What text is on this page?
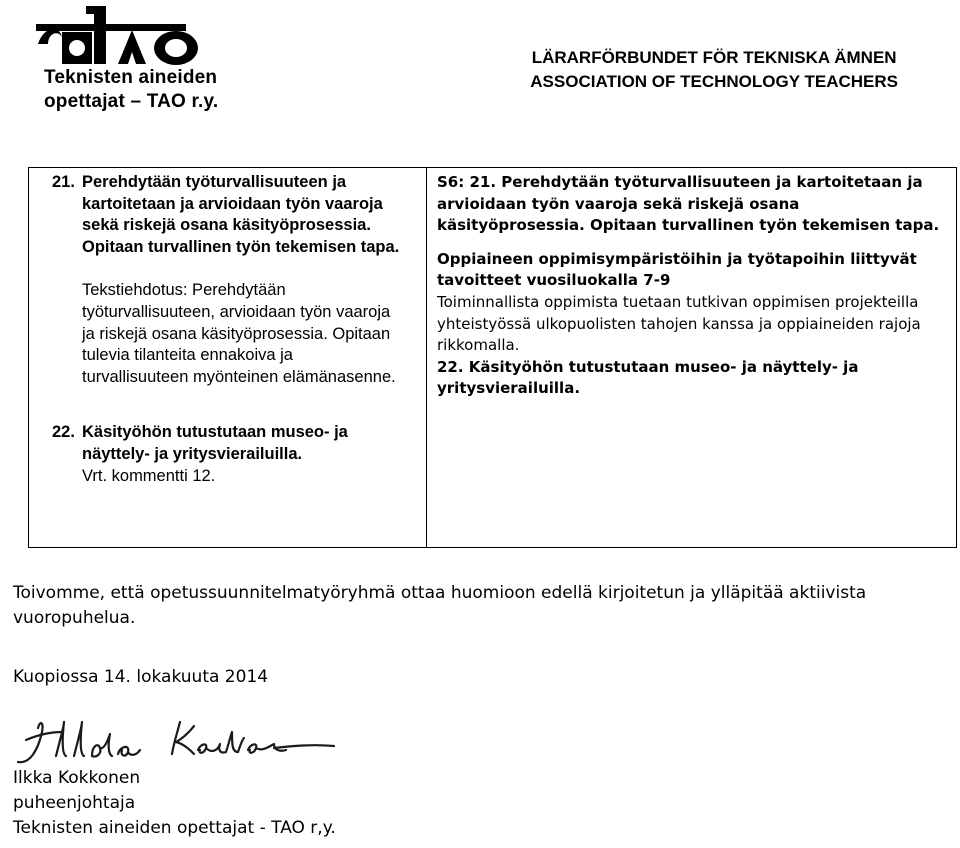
Teknisten aineiden
opettajat – TAO r.y.
LÄRARFÖRBUNDET FÖR TEKNISKA ÄMNEN
ASSOCIATION OF TECHNOLOGY TEACHERS

21. Perehdytään työturvallisuuteen ja kartoitetaan ja arvioidaan työn vaaroja sekä riskejä osana käsityöprosessia. Opitaan turvallinen työn tekemisen tapa.

Tekstiehdotus: Perehdytään työturvallisuuteen, arvioidaan työn vaaroja ja riskejä osana käsityöprosessia. Opitaan tulevia tilanteita ennakoiva ja turvallisuuteen myönteinen elämänasenne.

22. Käsityöhön tutustutaan museo- ja näyttely- ja yritysvierailuilla.

Vrt. kommentti 12.

S6: 21. Perehdytään työturvallisuuteen ja kartoitetaan ja arvioidaan työn vaaroja sekä riskejä osana käsityöprosessia. Opitaan turvallinen työn tekemisen tapa.

Oppiaineen oppimisympäristöihin ja työtapoihin liittyvät tavoitteet vuosiluokalla 7-9

Toiminnallista oppimista tuetaan tutkivan oppimisen projekteilla yhteistyössä ulkopuolisten tahojen kanssa ja oppiaineiden rajoja rikkomalla.

22. Käsityöhön tutustutaan museo- ja näyttely- ja yritysvierailuilla.

Toivomme, että opetussuunnitelmatyöryhmä ottaa huomioon edellä kirjoitetun ja ylläpitää aktiivista vuoropuhelua.
Kuopiossa 14. lokakuuta 2014
Ilkka Kokkonen
puheenjohtaja
Teknisten aineiden opettajat - TAO r,y.
